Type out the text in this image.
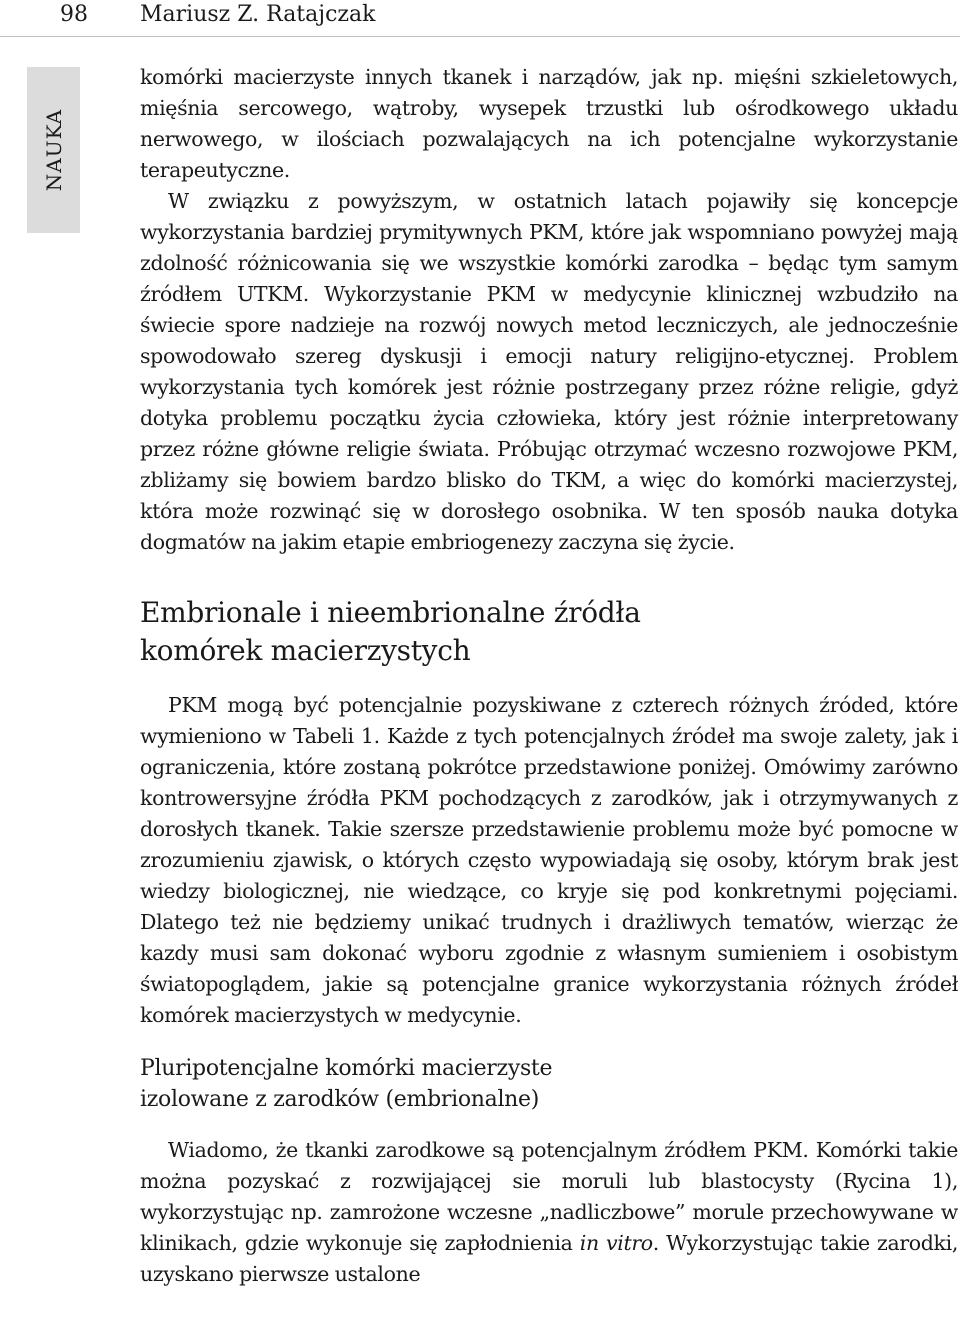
98 Mariusz Z. Ratajczak
NAUKA

komórki macierzyste innych tkanek i narządów, jak np. mięśni szkieletowych, mięśnia sercowego, wątroby, wysepek trzustki lub ośrodkowego układu nerwowego, w ilościach pozwalających na ich potencjalne wykorzystanie terapeutyczne.

W związku z powyższym, w ostatnich latach pojawiły się koncepcje wykorzystania bardziej prymitywnych PKM, które jak wspomniano powyżej mają zdolność różnicowania się we wszystkie komórki zarodka – będąc tym samym źródłem UTKM. Wykorzystanie PKM w medycynie klinicznej wzbudziło na świecie spore nadzieje na rozwój nowych metod leczniczych, ale jednocześnie spowodowało szereg dyskusji i emocji natury religijno-etycznej. Problem wykorzystania tych komórek jest różnie postrzegany przez różne religie, gdyż dotyka problemu początku życia człowieka, który jest różnie interpretowany przez różne główne religie świata. Próbując otrzymać wczesno rozwojowe PKM, zbliżamy się bowiem bardzo blisko do TKM, a więc do komórki macierzystej, która może rozwinąć się w dorosłego osobnika. W ten sposób nauka dotyka dogmatów na jakim etapie embriogenezy zaczyna się życie.

Embrionale i nieembrionalne źródła
komórek macierzystych

PKM mogą być potencjalnie pozyskiwane z czterech różnych źróded, które wymieniono w Tabeli 1. Każde z tych potencjalnych źródeł ma swoje zalety, jak i ograniczenia, które zostaną pokrótce przedstawione poniżej. Omówimy zarówno kontrowersyjne źródła PKM pochodzących z zarodków, jak i otrzymywanych z dorosłych tkanek. Takie szersze przedstawienie problemu może być pomocne w zrozumieniu zjawisk, o których często wypowiadają się osoby, którym brak jest wiedzy biologicznej, nie wiedzące, co kryje się pod konkretnymi pojęciami. Dlatego też nie będziemy unikać trudnych i drażliwych tematów, wierząc że kazdy musi sam dokonać wyboru zgodnie z własnym sumieniem i osobistym światopoglądem, jakie są potencjalne granice wykorzystania różnych źródeł komórek macierzystych w medycynie.

Pluripotencjalne komórki macierzyste
izolowane z zarodków (embrionalne)

Wiadomo, że tkanki zarodkowe są potencjalnym źródłem PKM. Komórki takie można pozyskać z rozwijającej sie moruli lub blastocysty (Rycina 1), wykorzystując np. zamrożone wczesne „nadliczbowe” morule przechowywane w klinikach, gdzie wykonuje się zapłodnienia in vitro. Wykorzystując takie zarodki, uzyskano pierwsze ustalone
